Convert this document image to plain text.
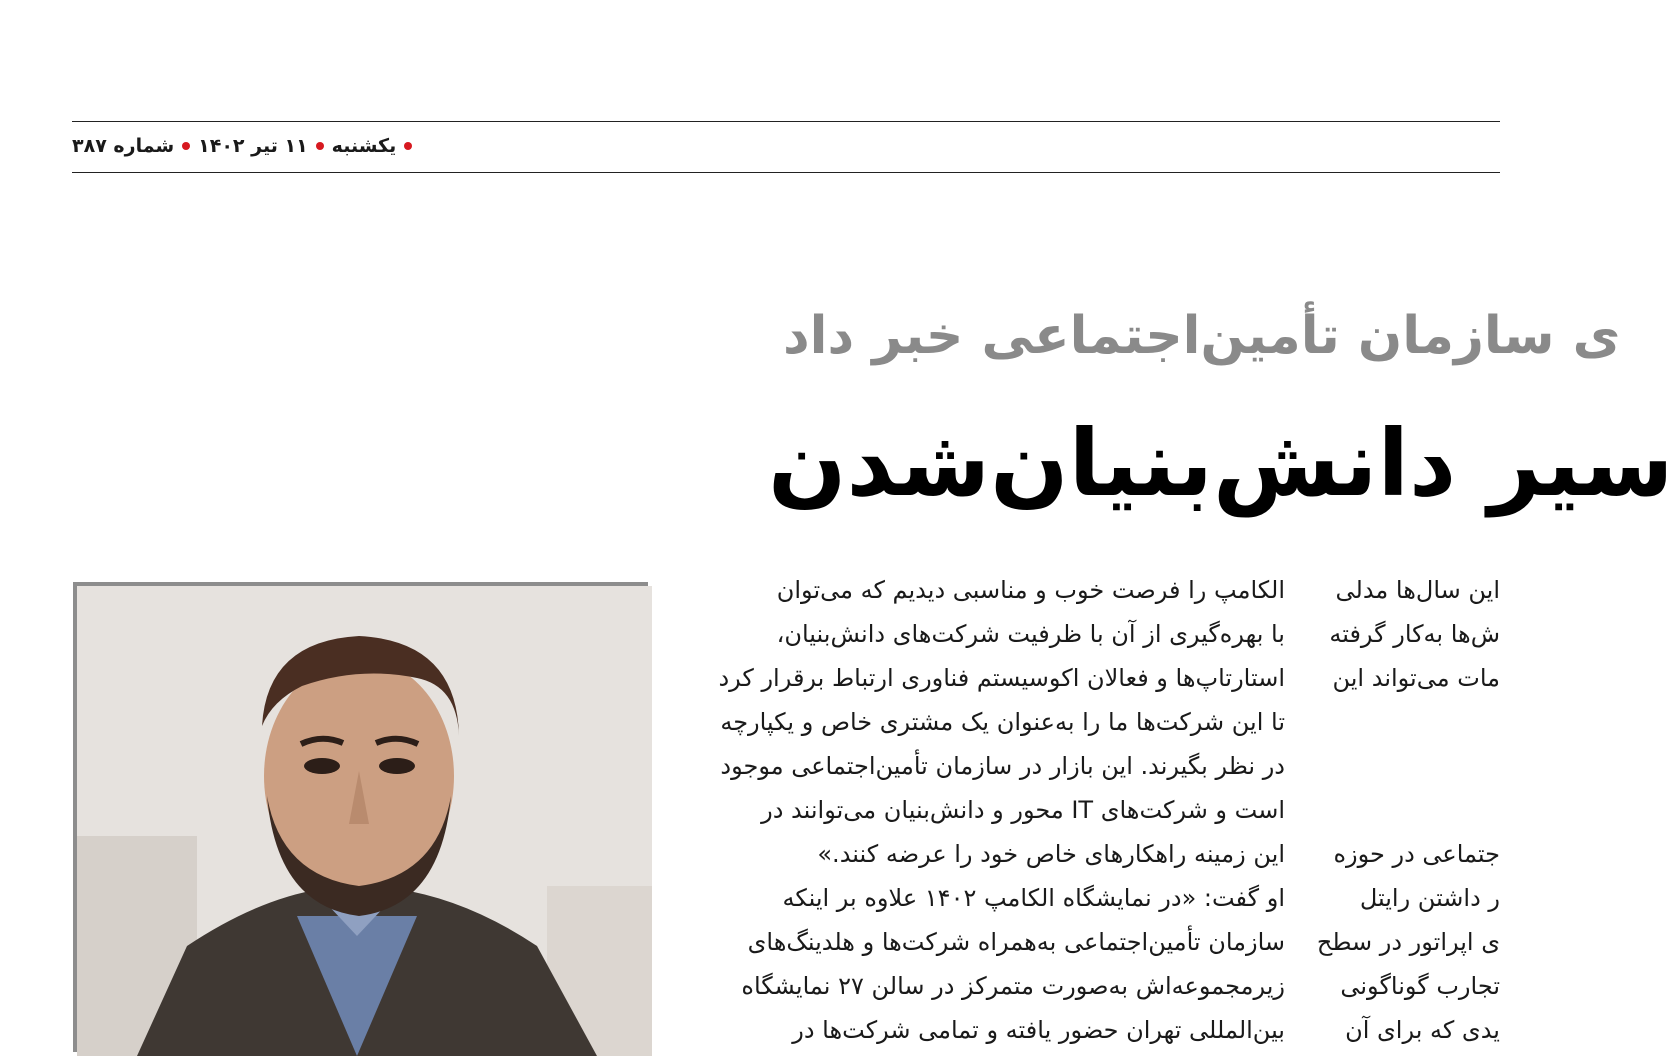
یکشنبه
۱۱ تیر ۱۴۰۲
شماره ۳۸۷
ی سازمان تأمین‌اجتماعی خبر داد
سیر دانش‌بنیان‌شدن
الکامپ را فرصت خوب و مناسبی دیدیم که می‌توان
با بهره‌گیری از آن با ظرفیت شرکت‌های دانش‌بنیان،
استارتاپ‌ها و فعالان اکوسیستم فناوری ارتباط برقرار کرد
تا این شرکت‌ها ما را به‌عنوان یک مشتری خاص و یکپارچه
در نظر بگیرند. این بازار در سازمان تأمین‌اجتماعی موجود
است و شرکت‌های IT محور و دانش‌بنیان می‌توانند در
این زمینه راهکارهای خاص خود را عرضه کنند.»
او گفت: «در نمایشگاه الکامپ ۱۴۰۲ علاوه بر اینکه
سازمان تأمین‌اجتماعی به‌همراه شرکت‌ها و هلدینگ‌های
زیرمجموعه‌اش به‌صورت متمرکز در سالن ۲۷ نمایشگاه
بین‌المللی تهران حضور یافته و تمامی شرکت‌ها در
این سال‌ها مدلی
ش‌ها به‌کار گرفته
مات می‌تواند این
جتماعی در حوزه
ر داشتن رایتل
ی اپراتور در سطح
تجارب گوناگونی
یدی که برای آن
